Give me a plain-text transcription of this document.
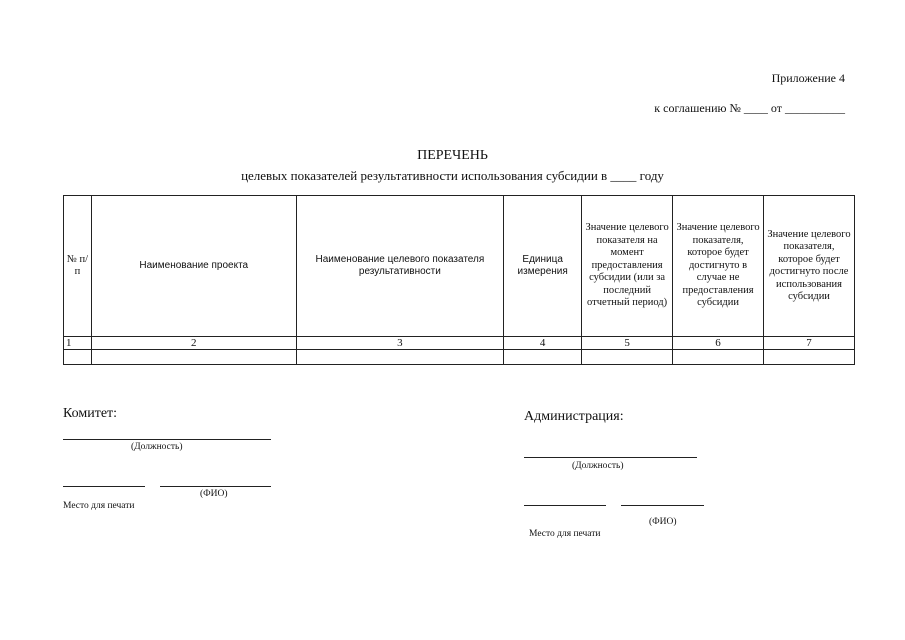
Приложение 4
к соглашению № ____ от __________
ПЕРЕЧЕНЬ
целевых показателей результативности использования субсидии в ____ году
№ п/п	Наименование проекта	Наименование целевого показателя результативности	Единица измерения	Значение целевого показателя на момент предоставления субсидии (или за последний отчетный период)	Значение целевого показателя, которое будет достигнуто в случае не предоставления субсидии	Значение целевого показателя, которое будет достигнуто после использования субсидии
1	2	3	4	5	6	7

Комитет:
(Должность)
(ФИО)
Место для печати
Администрация:
(Должность)
(ФИО)
Место для печати
